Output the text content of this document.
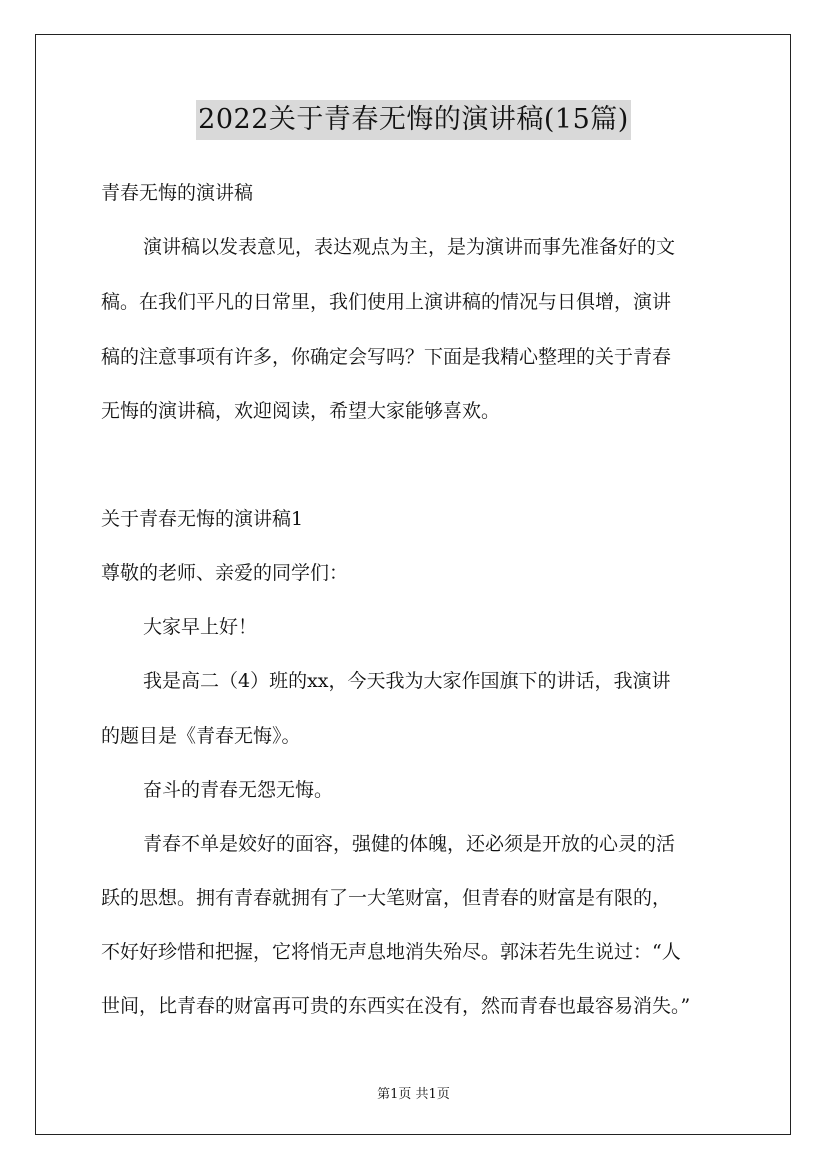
2022关于青春无悔的演讲稿(15篇)
青春无悔的演讲稿
演讲稿以发表意见，表达观点为主，是为演讲而事先准备好的文
稿。在我们平凡的日常里，我们使用上演讲稿的情况与日俱增，演讲
稿的注意事项有许多，你确定会写吗？下面是我精心整理的关于青春
无悔的演讲稿，欢迎阅读，希望大家能够喜欢。
关于青春无悔的演讲稿1
尊敬的老师、亲爱的同学们：
大家早上好！
我是高二（4）班的xx，今天我为大家作国旗下的讲话，我演讲
的题目是《青春无悔》。
奋斗的青春无怨无悔。
青春不单是姣好的面容，强健的体魄，还必须是开放的心灵的活
跃的思想。拥有青春就拥有了一大笔财富，但青春的财富是有限的，
不好好珍惜和把握，它将悄无声息地消失殆尽。郭沫若先生说过：“人
世间，比青春的财富再可贵的东西实在没有，然而青春也最容易消失。”
第1页 共1页
